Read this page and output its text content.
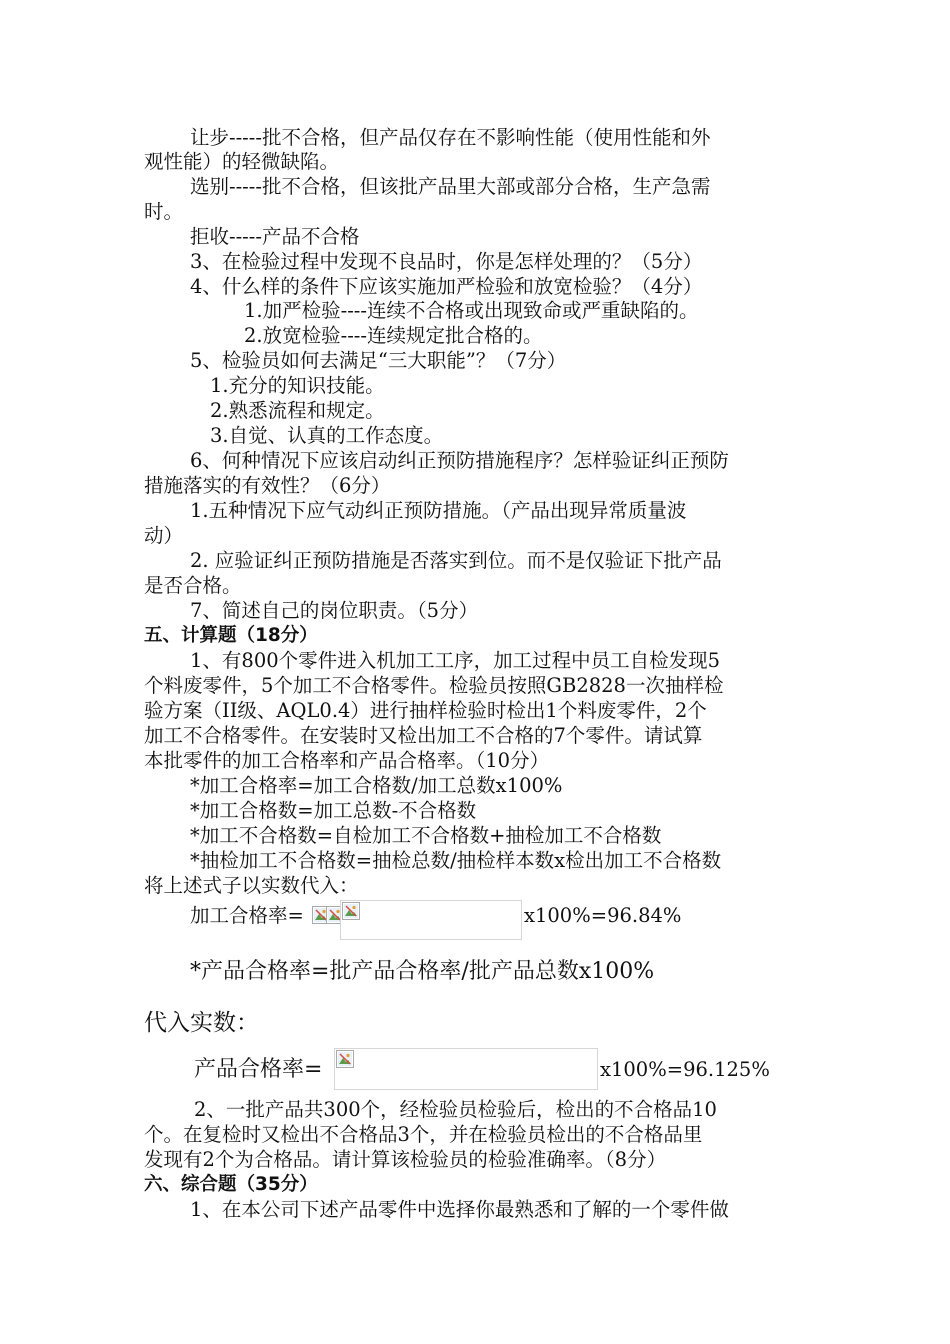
让步-----批不合格，但产品仅存在不影响性能（使用性能和外
观性能）的轻微缺陷。
选别-----批不合格，但该批产品里大部或部分合格，生产急需
时。
拒收-----产品不合格
3、在检验过程中发现不良品时，你是怎样处理的？（5分）
4、什么样的条件下应该实施加严检验和放宽检验？（4分）
1.加严检验----连续不合格或出现致命或严重缺陷的。
2.放宽检验----连续规定批合格的。
5、检验员如何去满足“三大职能”？（7分）
1.充分的知识技能。
2.熟悉流程和规定。
3.自觉、认真的工作态度。
6、何种情况下应该启动纠正预防措施程序？怎样验证纠正预防
措施落实的有效性？（6分）
1.五种情况下应气动纠正预防措施。（产品出现异常质量波
动）
2. 应验证纠正预防措施是否落实到位。而不是仅验证下批产品
是否合格。
7、简述自己的岗位职责。（5分）
五、计算题（18分）
1、有800个零件进入机加工工序，加工过程中员工自检发现5
个料废零件，5个加工不合格零件。检验员按照GB2828一次抽样检
验方案（II级、AQL0.4）进行抽样检验时检出1个料废零件，2个
加工不合格零件。在安装时又检出加工不合格的7个零件。请试算
本批零件的加工合格率和产品合格率。（10分）
*加工合格率=加工合格数/加工总数x100%
*加工合格数=加工总数-不合格数
*加工不合格数=自检加工不合格数+抽检加工不合格数
*抽检加工不合格数=抽检总数/抽检样本数x检出加工不合格数
将上述式子以实数代入：
加工合格率=	x100%=96.84%
*产品合格率=批产品合格率/批产品总数x100%
代入实数：
产品合格率=	x100%=96.125%
2、一批产品共300个，经检验员检验后，检出的不合格品10
个。在复检时又检出不合格品3个，并在检验员检出的不合格品里
发现有2个为合格品。请计算该检验员的检验准确率。（8分）
六、综合题（35分）
1、在本公司下述产品零件中选择你最熟悉和了解的一个零件做
